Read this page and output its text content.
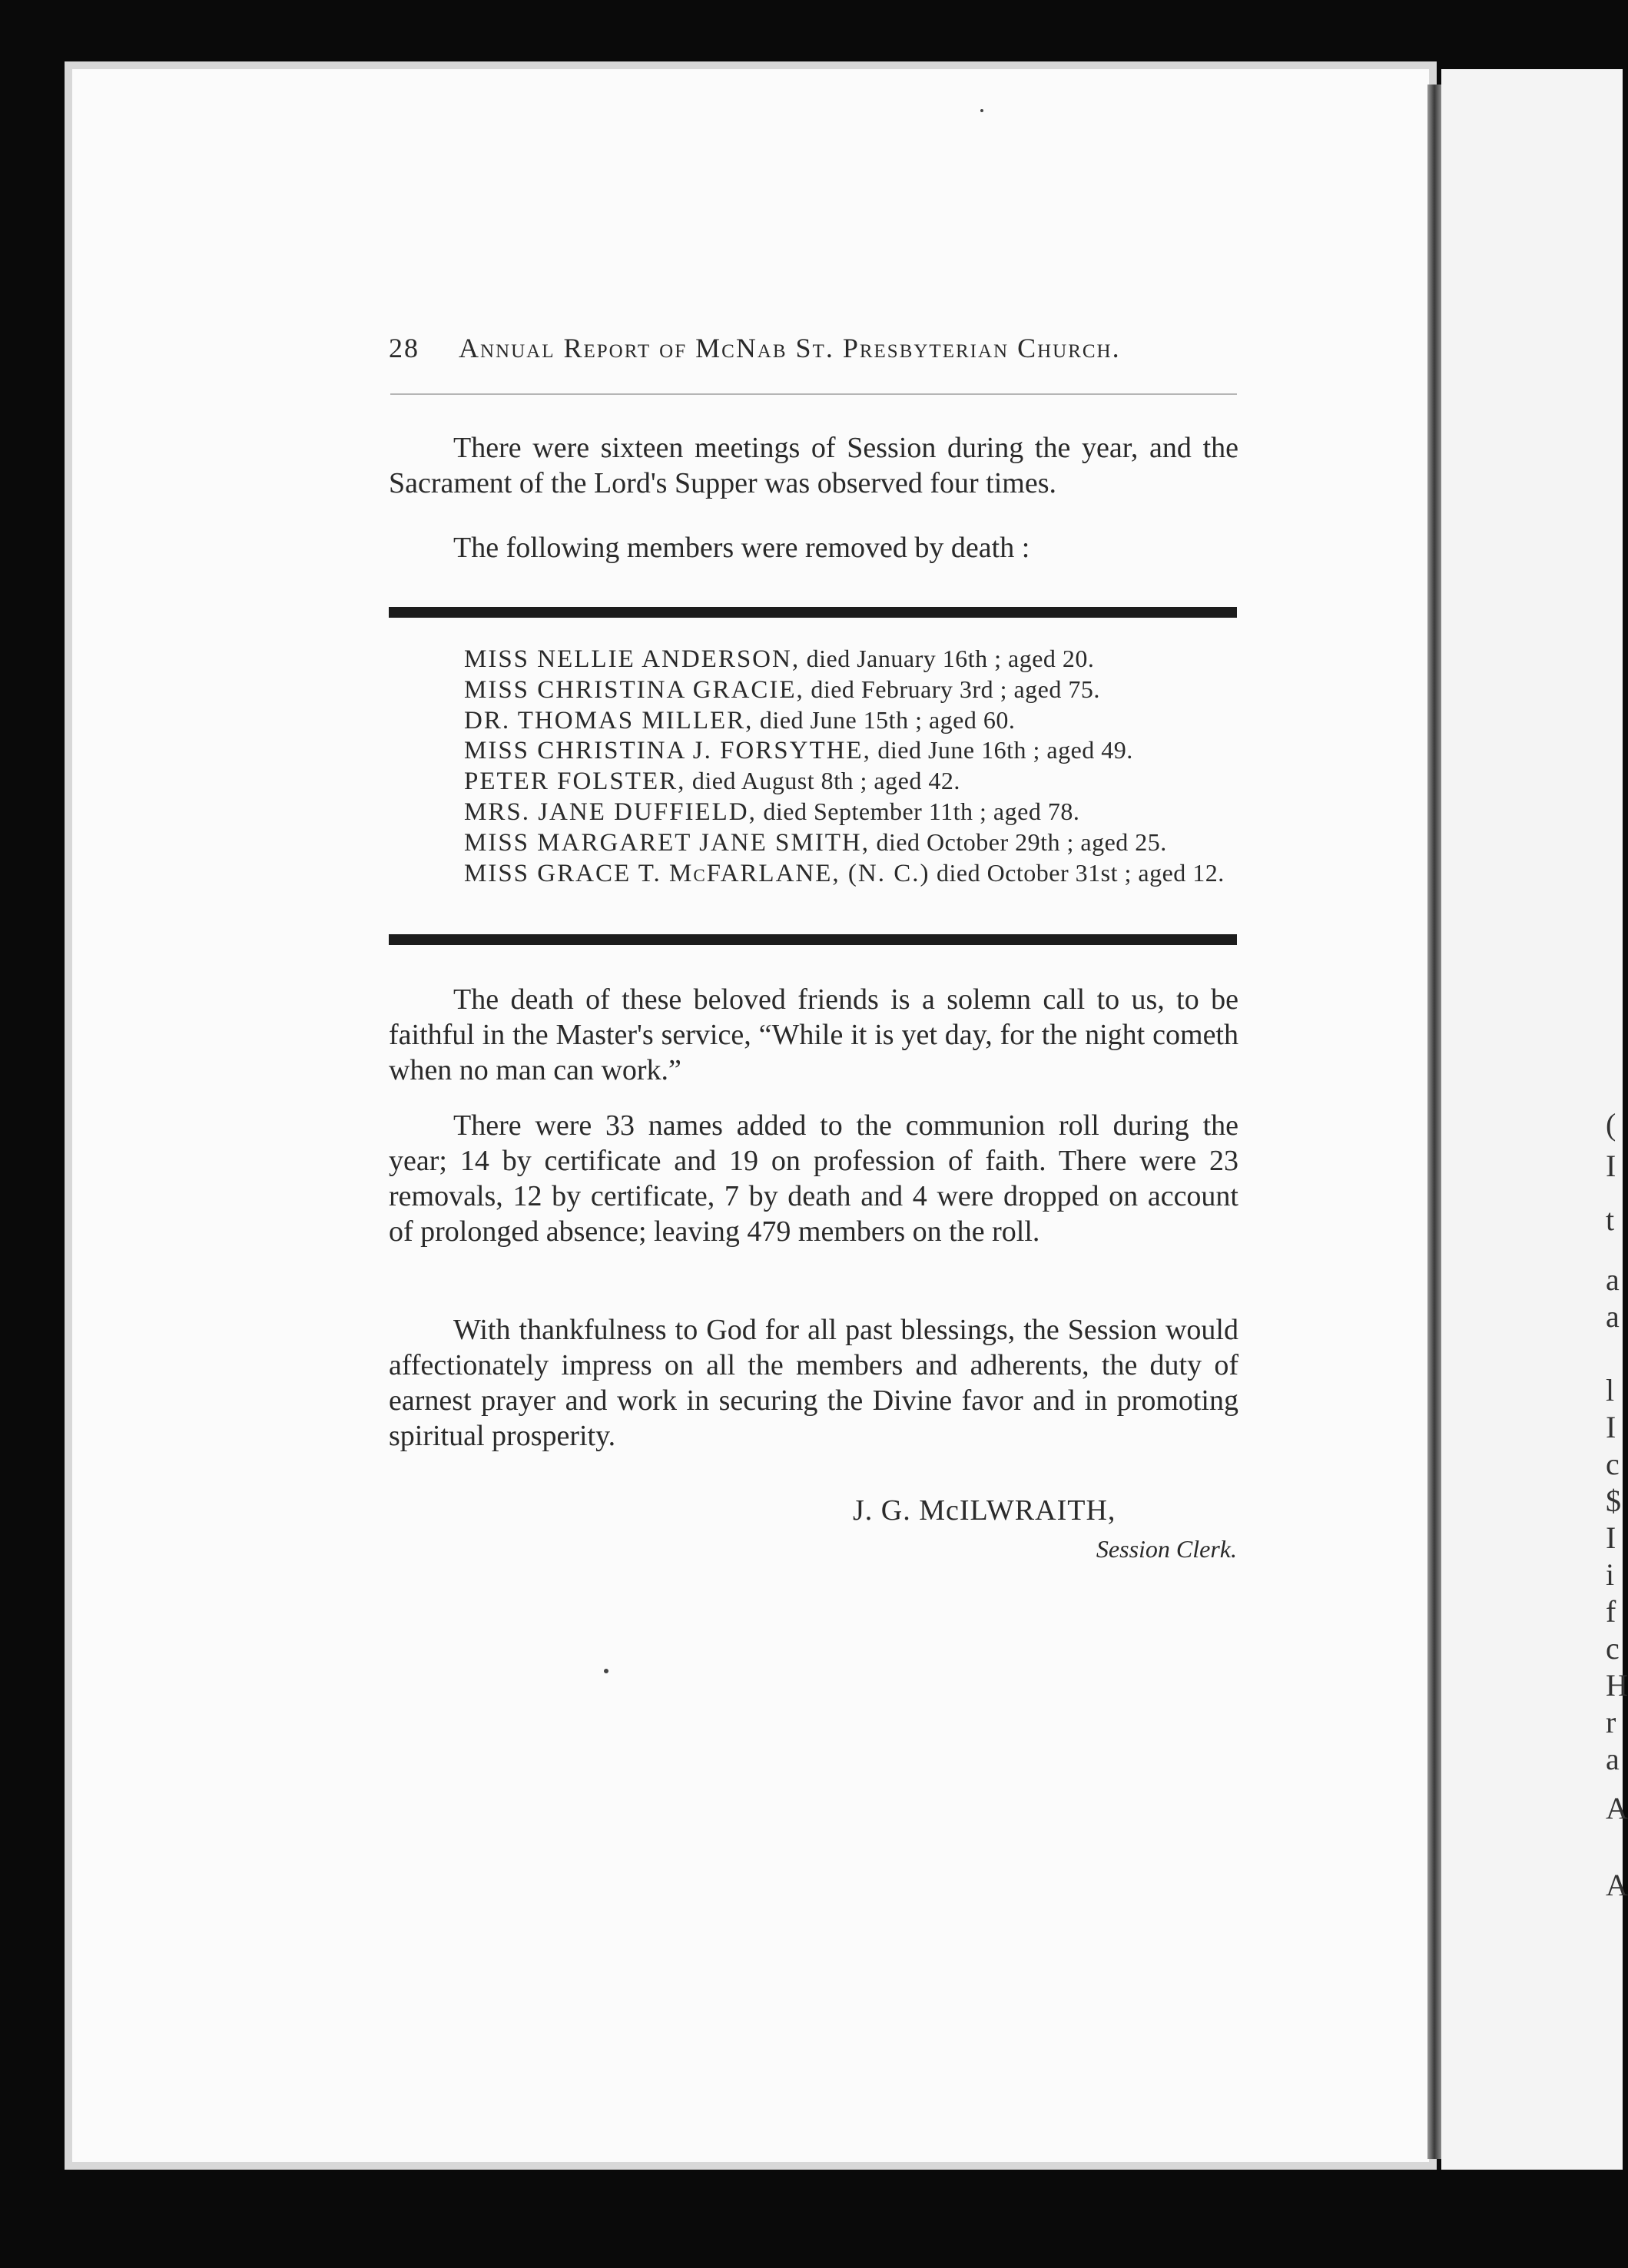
(
I
t
a
a
l
I
c
$
I
i
f
c
H
r
a
A
A
28 Annual Report of McNab St. Presbyterian Church.

There were sixteen meetings of Session during the year, and the Sacrament of the Lord's Supper was observed four times.

The following members were removed by death :

MISS NELLIE ANDERSON, died January 16th ; aged 20.
MISS CHRISTINA GRACIE, died February 3rd ; aged 75.
DR. THOMAS MILLER, died June 15th ; aged 60.
MISS CHRISTINA J. FORSYTHE, died June 16th ; aged 49.
PETER FOLSTER, died August 8th ; aged 42.
MRS. JANE DUFFIELD, died September 11th ; aged 78.
MISS MARGARET JANE SMITH, died October 29th ; aged 25.
MISS GRACE T. McFARLANE, (N. C.) died October 31st ; aged 12.

The death of these beloved friends is a solemn call to us, to be faithful in the Master's service, “While it is yet day, for the night cometh when no man can work.”

There were 33 names added to the communion roll during the year; 14 by certificate and 19 on profession of faith. There were 23 removals, 12 by certificate, 7 by death and 4 were dropped on account of prolonged absence; leaving 479 members on the roll.

With thankfulness to God for all past blessings, the Session would affectionately impress on all the members and adherents, the duty of earnest prayer and work in securing the Divine favor and in promoting spiritual prosperity.

J. G. McILWRAITH,
Session Clerk.
